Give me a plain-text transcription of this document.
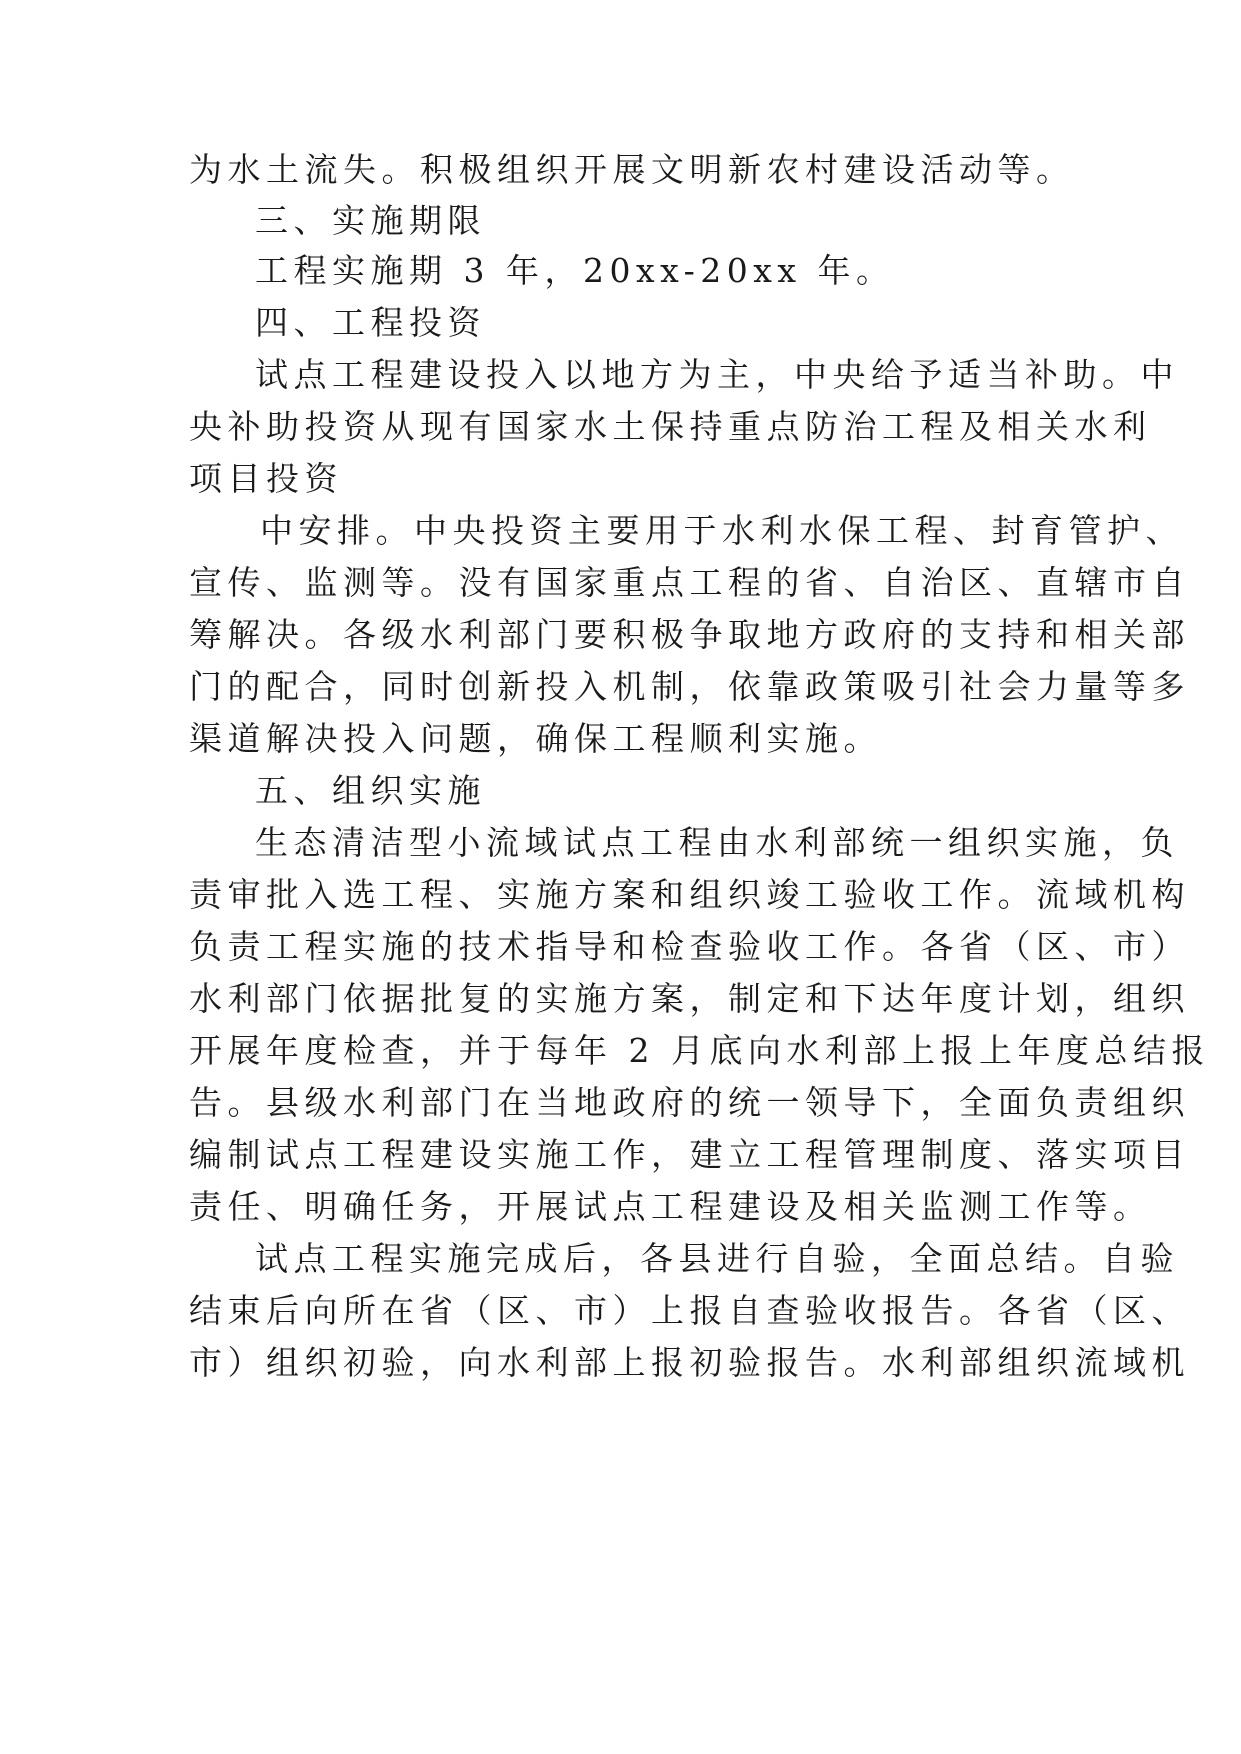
为水土流失。积极组织开展文明新农村建设活动等。

三、实施期限

工程实施期 3 年，20xx-20xx 年。

四、工程投资

试点工程建设投入以地方为主，中央给予适当补助。中

央补助投资从现有国家水土保持重点防治工程及相关水利

项目投资

中安排。中央投资主要用于水利水保工程、封育管护、

宣传、监测等。没有国家重点工程的省、自治区、直辖市自

筹解决。各级水利部门要积极争取地方政府的支持和相关部

门的配合，同时创新投入机制，依靠政策吸引社会力量等多

渠道解决投入问题，确保工程顺利实施。

五、组织实施

生态清洁型小流域试点工程由水利部统一组织实施，负

责审批入选工程、实施方案和组织竣工验收工作。流域机构

负责工程实施的技术指导和检查验收工作。各省（区、市）

水利部门依据批复的实施方案，制定和下达年度计划，组织

开展年度检查，并于每年 2 月底向水利部上报上年度总结报

告。县级水利部门在当地政府的统一领导下，全面负责组织

编制试点工程建设实施工作，建立工程管理制度、落实项目

责任、明确任务，开展试点工程建设及相关监测工作等。

试点工程实施完成后，各县进行自验，全面总结。自验

结束后向所在省（区、市）上报自查验收报告。各省（区、

市）组织初验，向水利部上报初验报告。水利部组织流域机
